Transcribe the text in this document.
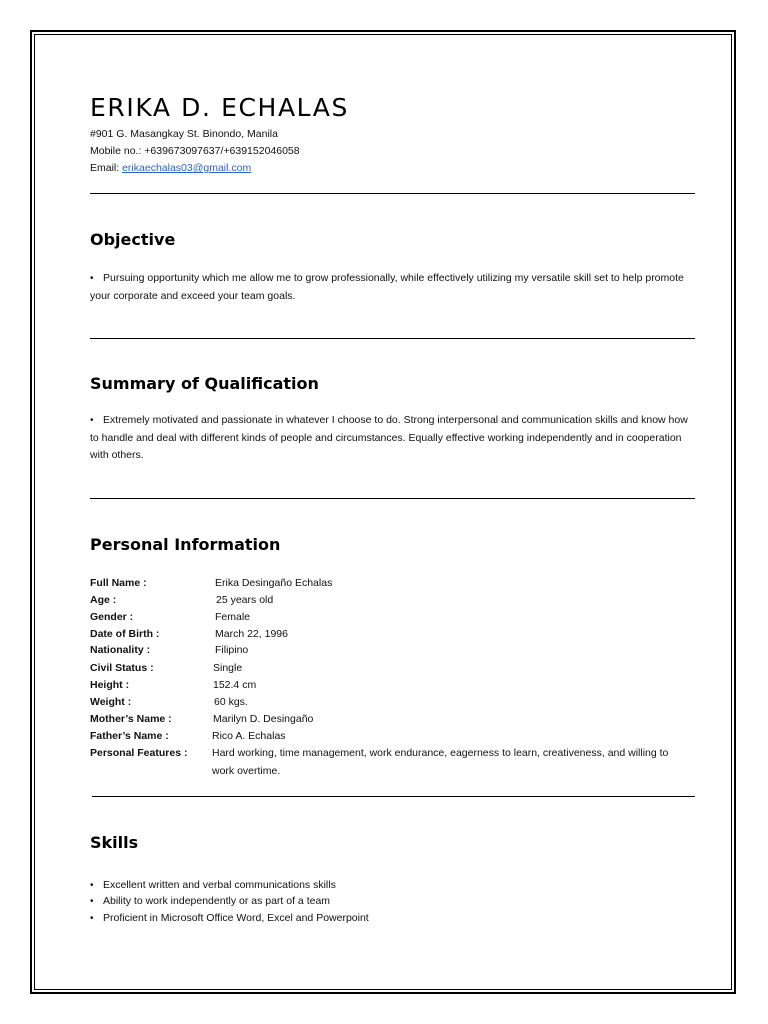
ERIKA D. ECHALAS
#901 G. Masangkay St. Binondo, Manila
Mobile no.: +639673097637/+639152046058
Email: erikaechalas03@gmail.com
Objective
• Pursuing opportunity which me allow me to grow professionally, while effectively utilizing my versatile skill set to help promote your corporate and exceed your team goals.
Summary of Qualification
• Extremely motivated and passionate in whatever I choose to do. Strong interpersonal and communication skills and know how to handle and deal with different kinds of people and circumstances. Equally effective working independently and in cooperation with others.
Personal Information
Full Name :	Erika Desingaño Echalas
Age :	25 years old
Gender :	Female
Date of Birth :	March 22, 1996
Nationality :	Filipino
Civil Status :	Single
Height :	152.4 cm
Weight :	60 kgs.
Mother’s Name :	Marilyn D. Desingaño
Father’s Name :	Rico A. Echalas
Personal Features : Hard working, time management, work endurance, eagerness to learn, creativeness, and willing to work overtime.
Skills
• Excellent written and verbal communications skills
• Ability to work independently or as part of a team
• Proficient in Microsoft Office Word, Excel and Powerpoint
